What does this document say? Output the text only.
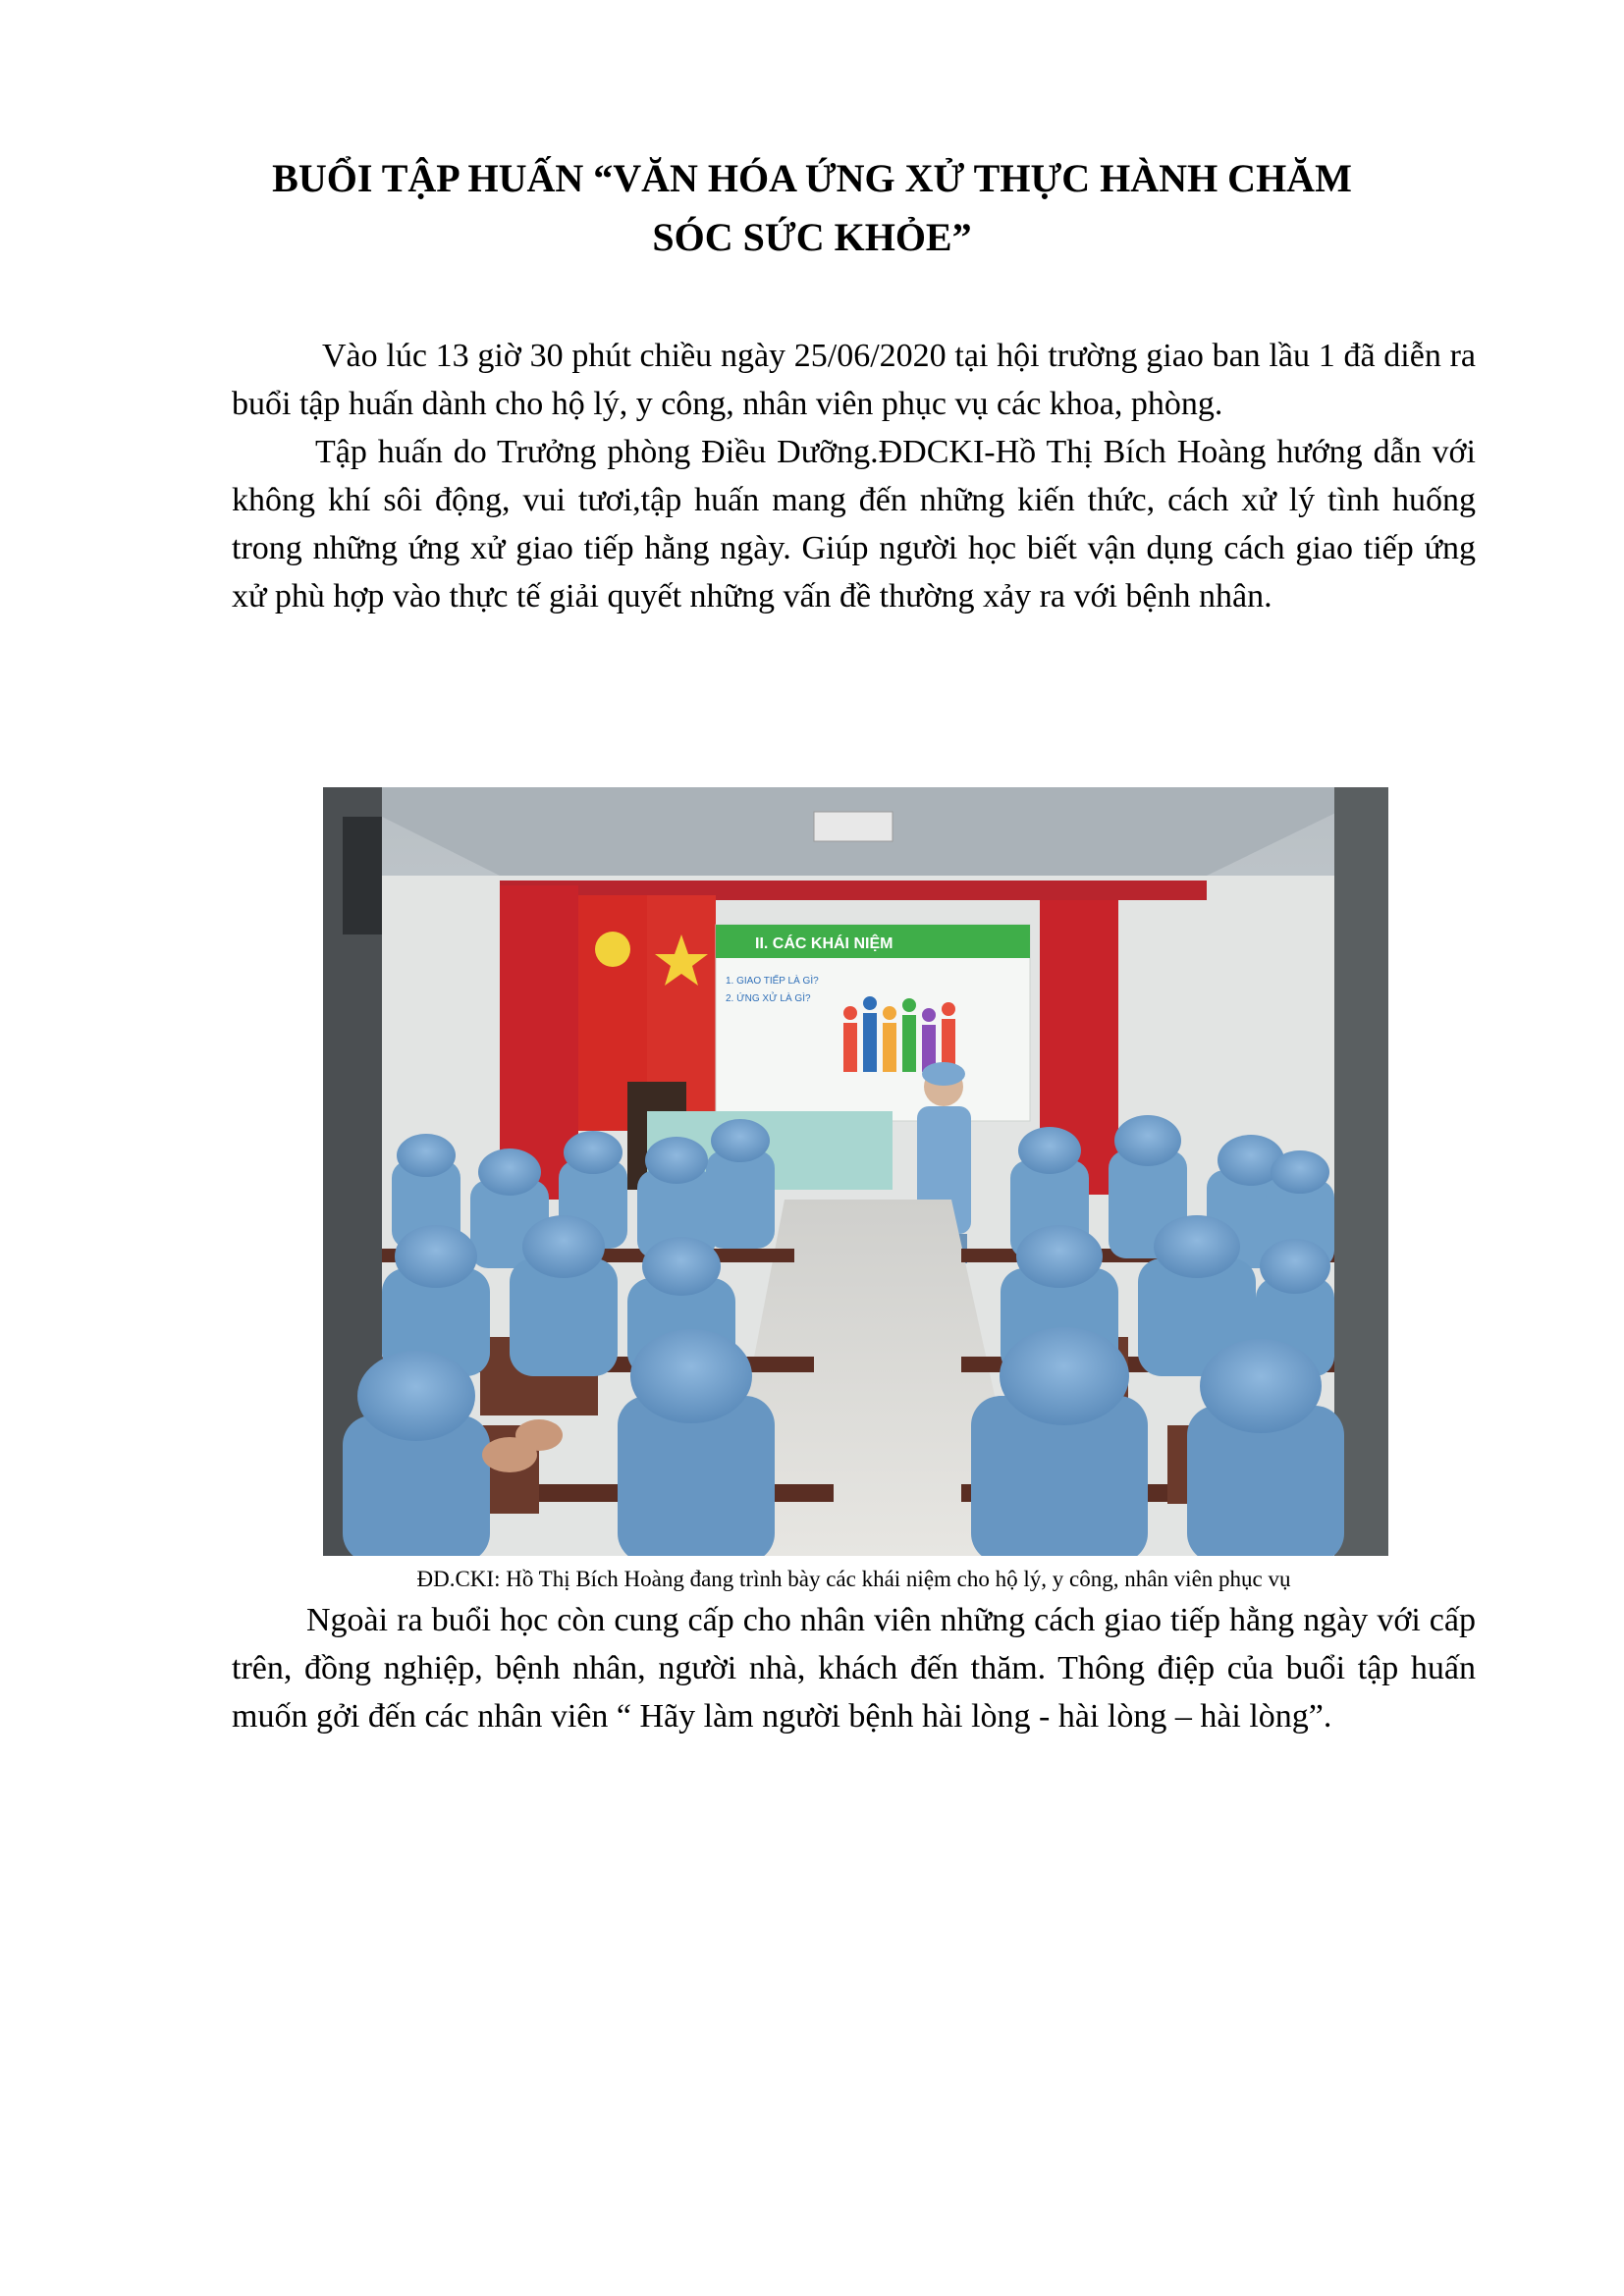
BUỔI TẬP HUẤN “VĂN HÓA ỨNG XỬ THỰC HÀNH CHĂM
SÓC SỨC KHỎE”

Vào lúc 13 giờ 30 phút chiều ngày 25/06/2020 tại hội trường giao ban lầu 1 đã diễn ra buổi tập huấn dành cho hộ lý, y công, nhân viên phục vụ các khoa, phòng.

Tập huấn do Trưởng phòng Điều Dưỡng.ĐDCKI-Hồ Thị Bích Hoàng hướng dẫn với không khí sôi động, vui tươi,tập huấn mang đến những kiến thức, cách xử lý tình huống trong những ứng xử giao tiếp hằng ngày. Giúp người học biết vận dụng cách giao tiếp ứng xử phù hợp vào thực tế giải quyết những vấn đề thường xảy ra với bệnh nhân.

II. CÁC KHÁI NIỆM
1. GIAO TIẾP LÀ GÌ?
2. ỨNG XỬ LÀ GÌ?
ĐD.CKI: Hồ Thị Bích Hoàng đang trình bày các khái niệm cho hộ lý, y công, nhân viên phục vụ

Ngoài ra buổi học còn cung cấp cho nhân viên những cách giao tiếp hằng ngày với cấp trên, đồng nghiệp, bệnh nhân, người nhà, khách đến thăm. Thông điệp của buổi tập huấn muốn gởi đến các nhân viên “ Hãy làm người bệnh hài lòng - hài lòng – hài lòng”.
